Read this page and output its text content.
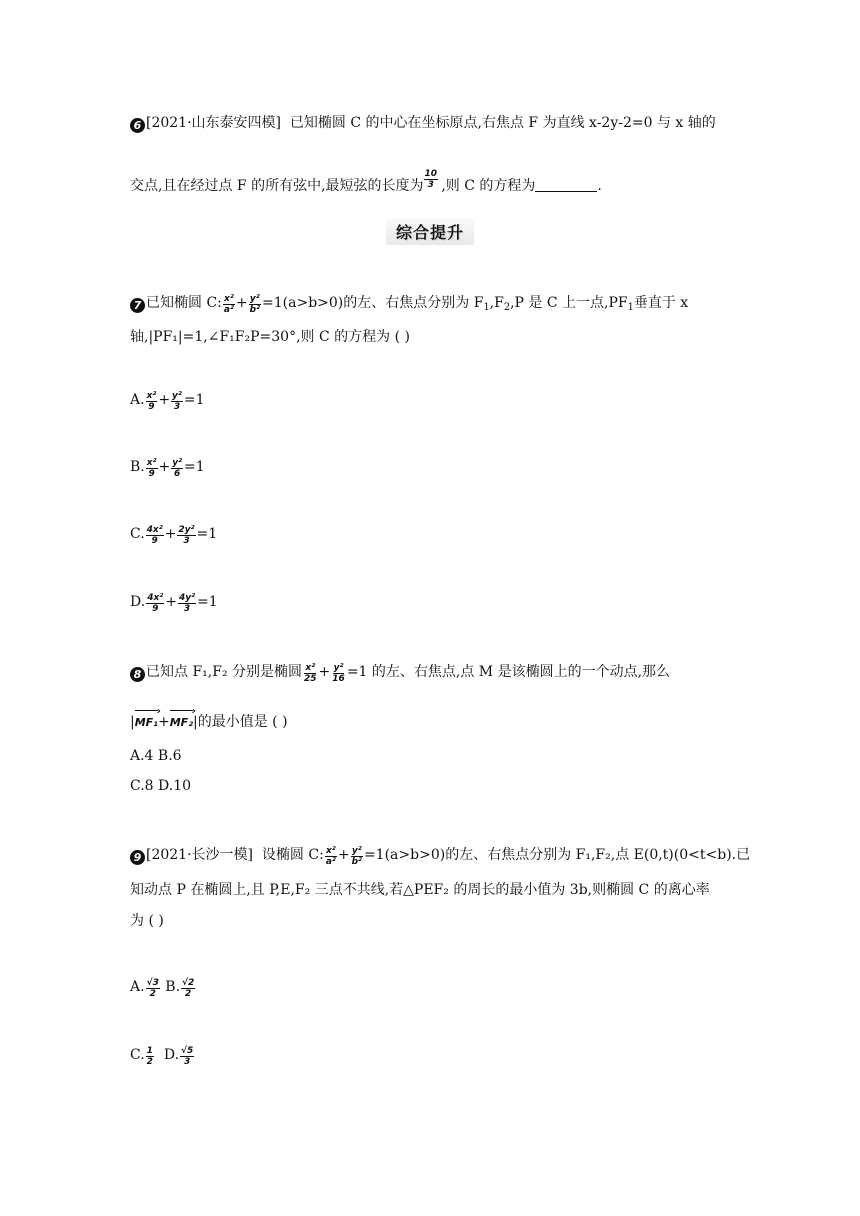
6 [2021·山东泰安四模] 已知椭圆 C 的中心在坐标原点,右焦点 F 为直线 x-2y-2=0 与 x 轴的
交点,且在经过点 F 的所有弦中,最短弦的长度为 $\frac{10}{3}$ ,则 C 的方程为	.
综合提升
7 已知椭圆 C: $\frac{\text{x²}}{\text{a²}} + \frac{\text{y²}}{\text{b²}} =1(a>b>0)$的左、右焦点分别为 $F_1,F_2,P$ 是 C 上一点$,PF_1$垂直于 x
轴,|PF₁|=1,∠F₁F₂P=30°,则 C 的方程为 ( )
A. $\frac{\text{x²}}{9} + \frac{\text{y²}}{3} =1$
B. $\frac{\text{x²}}{9} + \frac{\text{y²}}{6} =1$
C. $\frac{\text{4x²}}{9} + \frac{\text{2y²}}{3} =1$
D. $\frac{\text{4x²}}{9} + \frac{\text{4y²}}{3} =1$
8 已知点 F₁,F₂ 分别是椭圆 $\frac{\text{x²}}{25} + \frac{\text{y²}}{16} =1$ 的左、右焦点,点 M 是该椭圆上的一个动点,那么
|MF₁ ›+MF₂ ›|的最小值是 ( )
A.4 B.6
C.8 D.10
9 [2021·长沙一模] 设椭圆 C: $\frac{\text{x²}}{\text{a²}} + \frac{\text{y²}}{\text{b²}} =1(a>b>0)$的左、右焦点分别为 F₁,F₂,点 E(0,t)(0<t<b).已
知动点 P 在椭圆上,且 P,E,F₂ 三点不共线,若△PEF₂ 的周长的最小值为 3b,则椭圆 C 的离心率
为 ( )
A. $\frac{√3}{2} B$. $\frac{√2}{2}$
C. $\frac{1}{2} D$. $\frac{√5}{3}$
